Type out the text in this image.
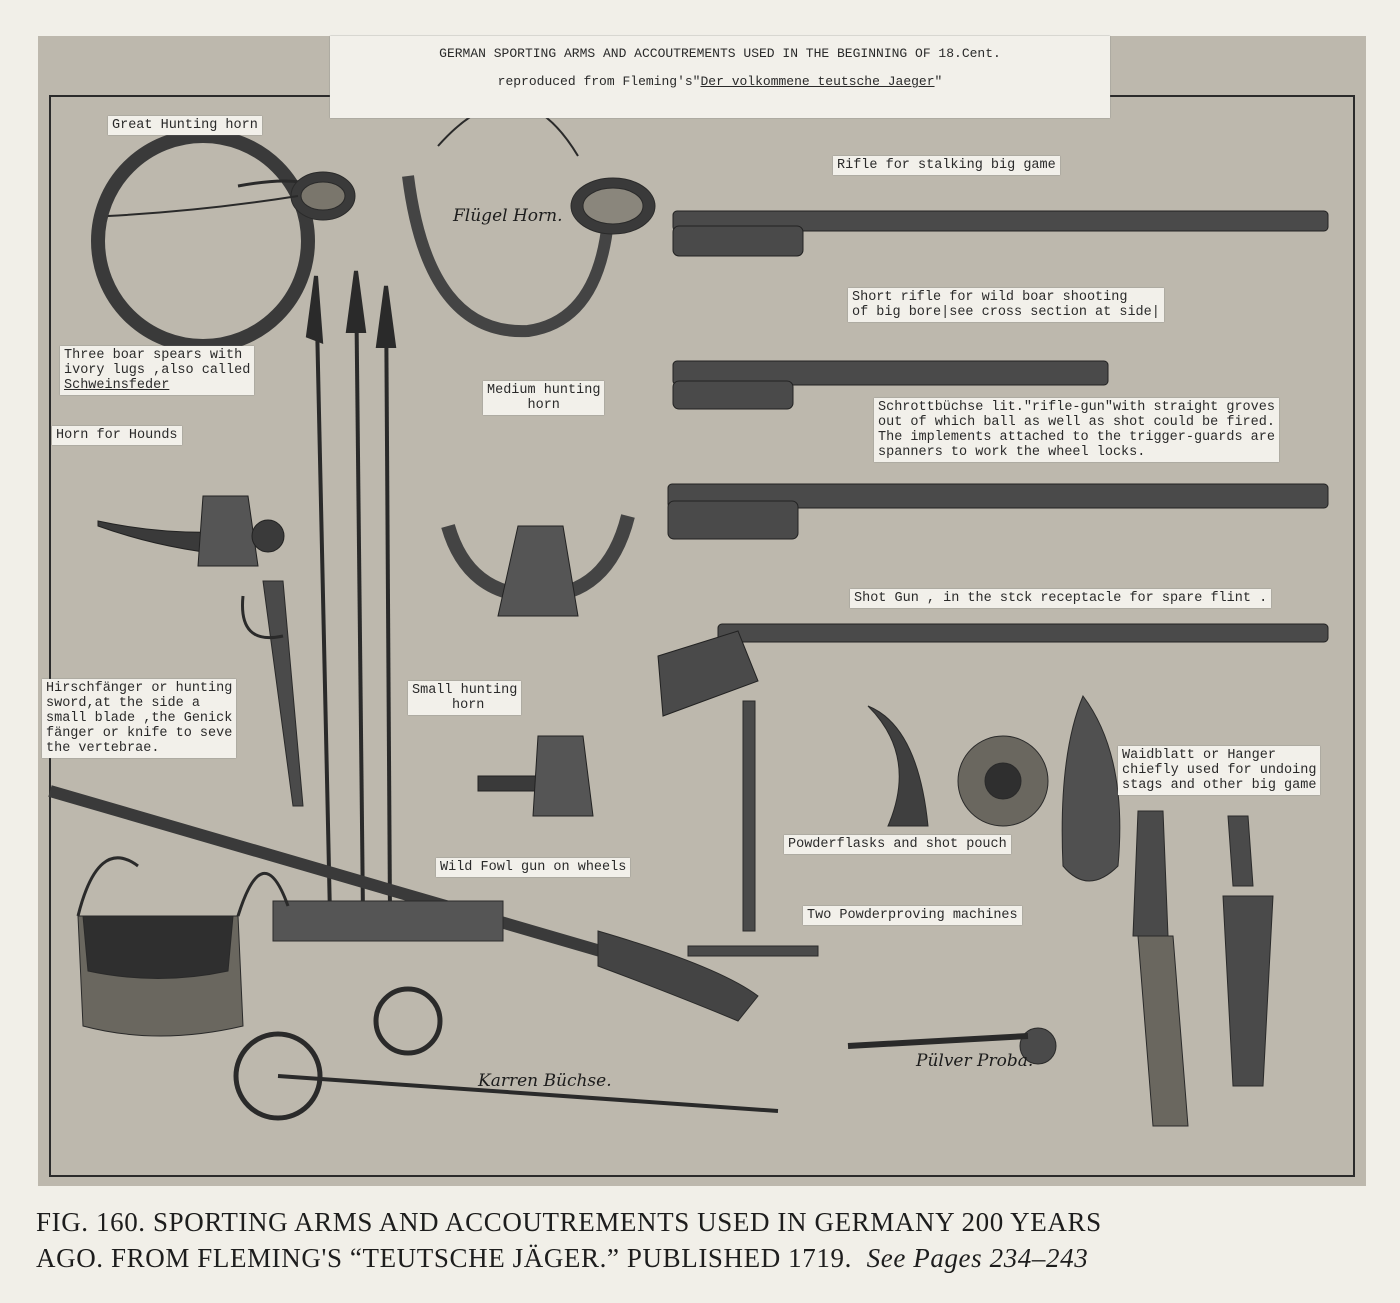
GERMAN SPORTING ARMS AND ACCOUTREMENTS USED IN THE BEGINNING OF 18.Cent.
reproduced from Fleming's"Der volkommene teutsche Jaeger"
Great Hunting horn
Flügel Horn.
Rifle for stalking big game
Short rifle for wild boar shooting
of big bore|see cross section at side|
Three boar spears with
ivory lugs ,also called
Schweinsfeder	Medium hunting
horn
Horn for Hounds
Schrottbüchse lit."rifle-gun"with straight groves
out of which ball as well as shot could be fired.
The implements attached to the trigger-guards are
spanners to work the wheel locks.
Shot Gun , in the stck receptacle for spare flint .
Hirschfänger or hunting
sword,at the side a
small blade ,the Genick
fänger or knife to seve
the vertebrae.
Small hunting
horn
Waidblatt or Hanger
chiefly used for undoing
stags and other big game
Powderflasks and shot pouch
Wild Fowl gun on wheels
Two Powderproving machines
Karren Büchse.
Pülver Proba.
FIG. 160. SPORTING ARMS AND ACCOUTREMENTS USED IN GERMANY 200 YEARS
AGO. FROM FLEMING'S “TEUTSCHE JÄGER.” PUBLISHED 1719. See Pages 234–243
